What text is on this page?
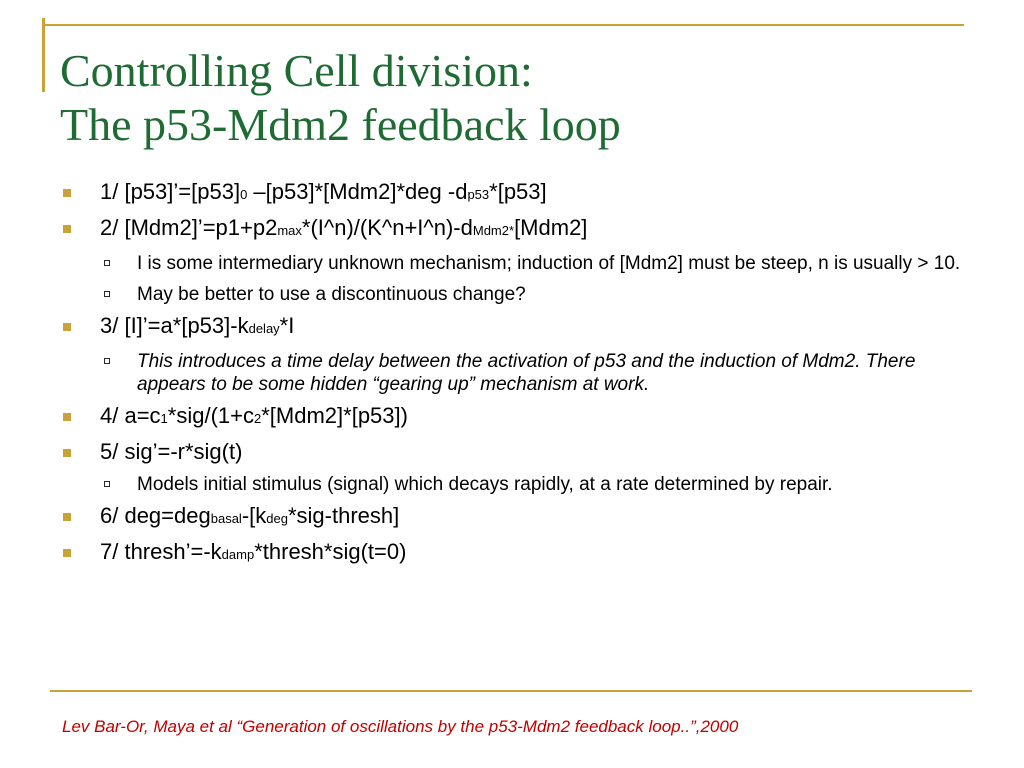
Controlling Cell division:
The p53-Mdm2 feedback loop
1/ [p53]’=[p53]0 –[p53]*[Mdm2]*deg -dp53*[p53]
2/ [Mdm2]’=p1+p2max*(I^n)/(K^n+I^n)-dMdm2*[Mdm2]
I is some intermediary unknown mechanism; induction of [Mdm2] must be steep, n is usually > 10.
May be better to use a discontinuous change?
3/ [I]’=a*[p53]-kdelay*I
This introduces a time delay between the activation of p53 and the induction of Mdm2. There appears to be some hidden “gearing up” mechanism at work.
4/ a=c1*sig/(1+c2*[Mdm2]*[p53])
5/ sig’=-r*sig(t)
Models initial stimulus (signal) which decays rapidly, at a rate determined by repair.
6/ deg=degbasal-[kdeg*sig-thresh]
7/ thresh’=-kdamp*thresh*sig(t=0)
Lev Bar-Or, Maya et al “Generation of oscillations by the p53-Mdm2 feedback loop..”,2000
